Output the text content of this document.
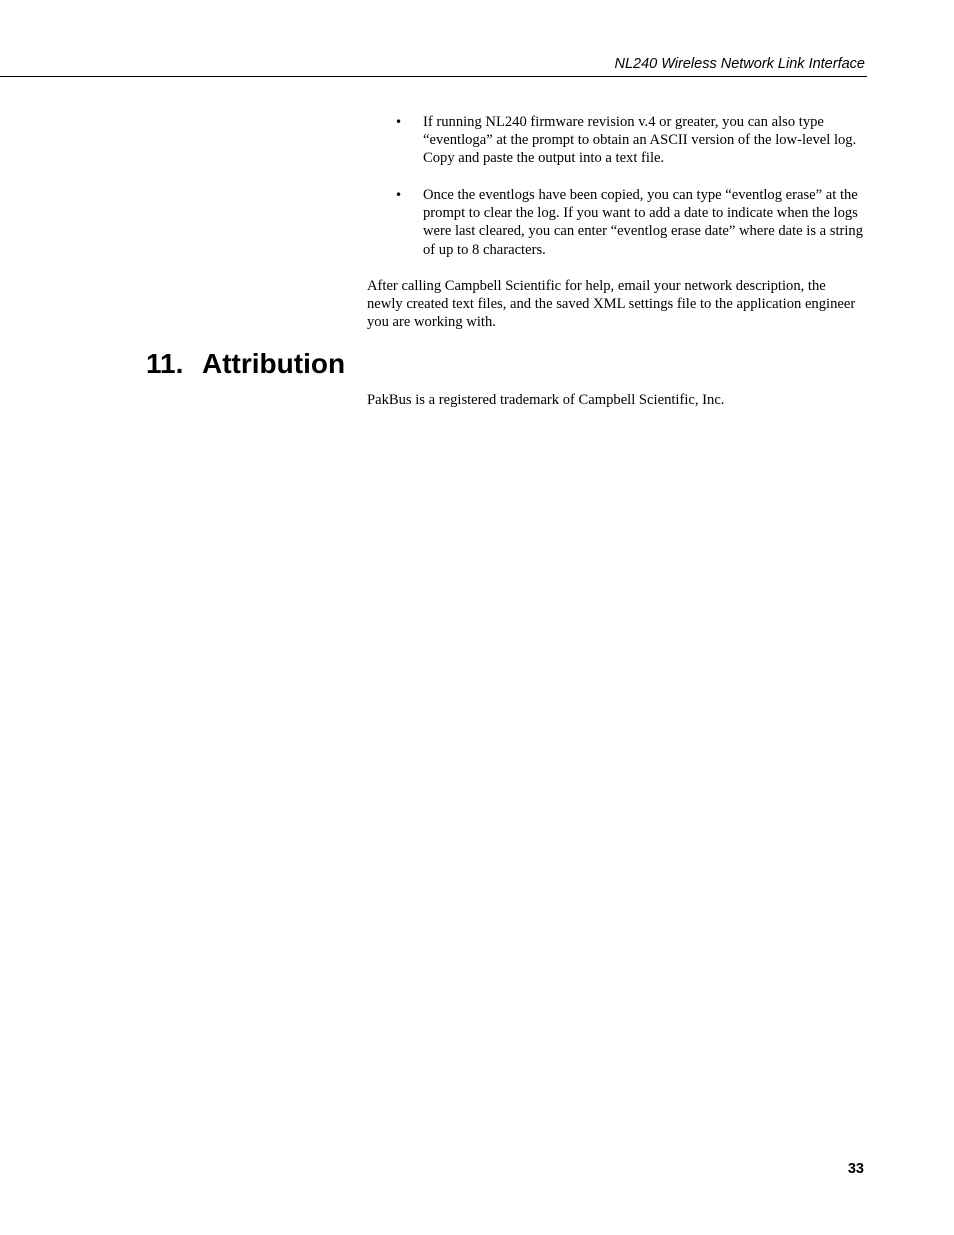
NL240 Wireless Network Link Interface
• If running NL240 firmware revision v.4 or greater, you can also type “eventloga” at the prompt to obtain an ASCII version of the low-level log. Copy and paste the output into a text file.
• Once the eventlogs have been copied, you can type “eventlog erase” at the prompt to clear the log. If you want to add a date to indicate when the logs were last cleared, you can enter “eventlog erase date” where date is a string of up to 8 characters.

After calling Campbell Scientific for help, email your network description, the newly created text files, and the saved XML settings file to the application engineer you are working with.

11. Attribution

PakBus is a registered trademark of Campbell Scientific, Inc.

33
